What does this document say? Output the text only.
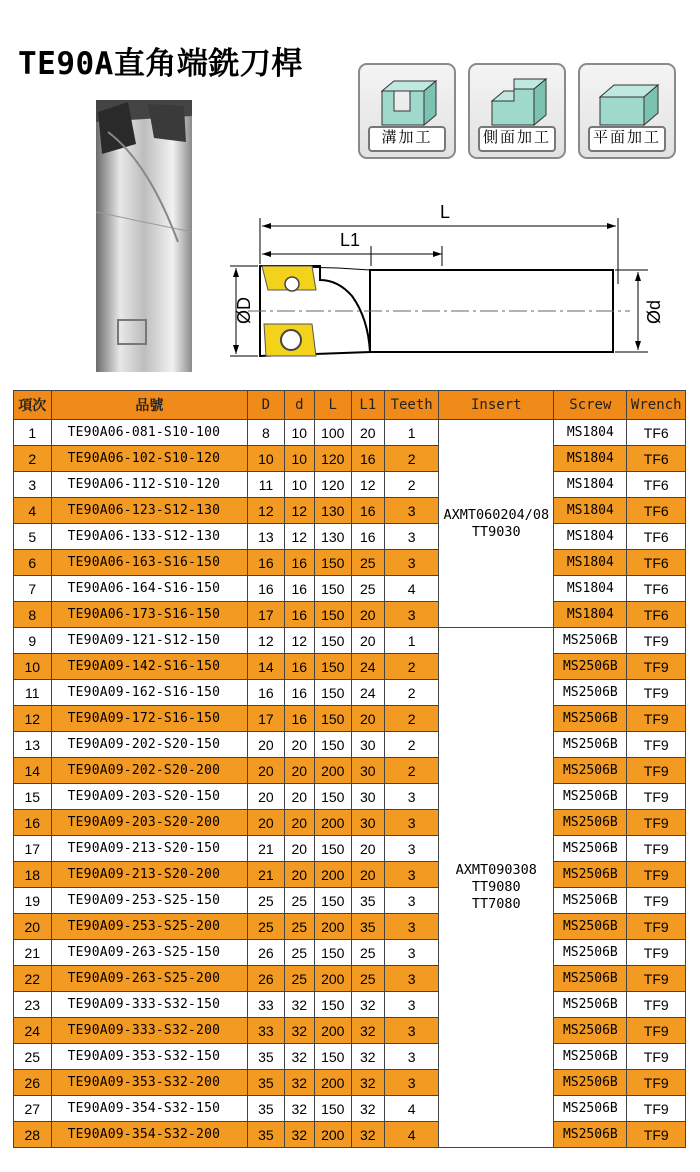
TE90A直角端銑刀桿
溝加工	側面加工	平面加工
L
L1
ØD	Ød
項次	品號	D	d	L	L1	Teeth	Insert	Screw	Wrench
1	TE90A06-081-S10-100	8	10	100	20	1	AXMT060204/08
TT9030	MS1804	TF6
2	TE90A06-102-S10-120	10	10	120	16	2		MS1804	TF6
3	TE90A06-112-S10-120	11	10	120	12	2		MS1804	TF6
4	TE90A06-123-S12-130	12	12	130	16	3		MS1804	TF6
5	TE90A06-133-S12-130	13	12	130	16	3		MS1804	TF6
6	TE90A06-163-S16-150	16	16	150	25	3		MS1804	TF6
7	TE90A06-164-S16-150	16	16	150	25	4		MS1804	TF6
8	TE90A06-173-S16-150	17	16	150	20	3		MS1804	TF6
9	TE90A09-121-S12-150	12	12	150	20	1	AXMT090308
TT9080
TT7080	MS2506B	TF9
10	TE90A09-142-S16-150	14	16	150	24	2		MS2506B	TF9
11	TE90A09-162-S16-150	16	16	150	24	2		MS2506B	TF9
12	TE90A09-172-S16-150	17	16	150	20	2		MS2506B	TF9
13	TE90A09-202-S20-150	20	20	150	30	2		MS2506B	TF9
14	TE90A09-202-S20-200	20	20	200	30	2		MS2506B	TF9
15	TE90A09-203-S20-150	20	20	150	30	3		MS2506B	TF9
16	TE90A09-203-S20-200	20	20	200	30	3		MS2506B	TF9
17	TE90A09-213-S20-150	21	20	150	20	3		MS2506B	TF9
18	TE90A09-213-S20-200	21	20	200	20	3		MS2506B	TF9
19	TE90A09-253-S25-150	25	25	150	35	3		MS2506B	TF9
20	TE90A09-253-S25-200	25	25	200	35	3		MS2506B	TF9
21	TE90A09-263-S25-150	26	25	150	25	3		MS2506B	TF9
22	TE90A09-263-S25-200	26	25	200	25	3		MS2506B	TF9
23	TE90A09-333-S32-150	33	32	150	32	3		MS2506B	TF9
24	TE90A09-333-S32-200	33	32	200	32	3		MS2506B	TF9
25	TE90A09-353-S32-150	35	32	150	32	3		MS2506B	TF9
26	TE90A09-353-S32-200	35	32	200	32	3		MS2506B	TF9
27	TE90A09-354-S32-150	35	32	150	32	4		MS2506B	TF9
28	TE90A09-354-S32-200	35	32	200	32	4		MS2506B	TF9
